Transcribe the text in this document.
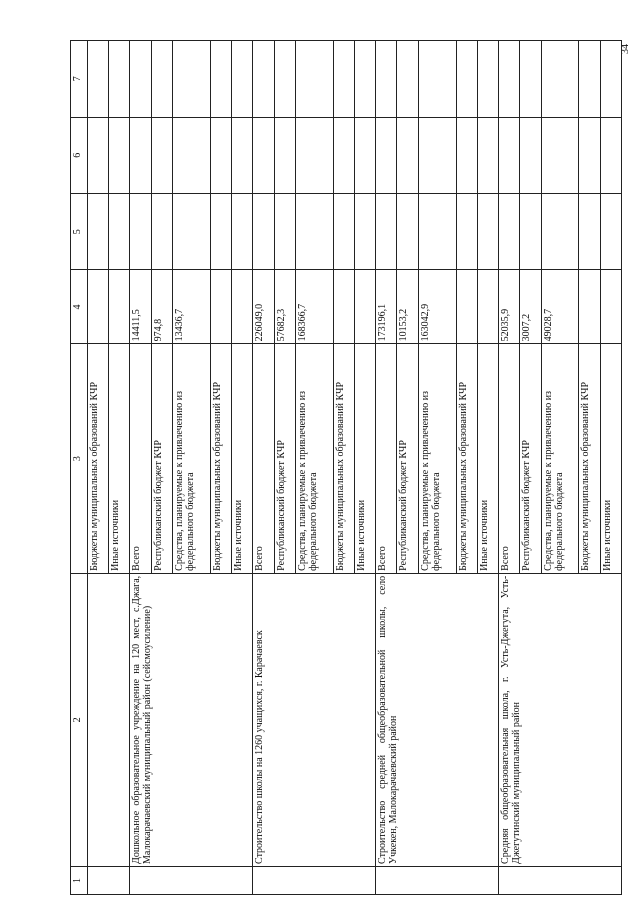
34
1	2	3	4	5	6	7
		Бюджеты муниципальных образований КЧР				
		Иные источники				
	Дошкольное образовательное учреждение на 120 мест, с.Джага, Малокарачаевский муниципальный район (сейсмоусиление)	Всего	14411,5			
		Республиканский бюджет КЧР	974,8			
		Средства, планируемые к привлечению из федерального бюджета	13436,7			
		Бюджеты муниципальных образований КЧР				
		Иные источники				
	Строительство школы на 1260 учащихся, г. Карачаевск	Всего	226049,0			
		Республиканский бюджет КЧР	57682,3			
		Средства, планируемые к привлечению из федерального бюджета	168366,7			
		Бюджеты муниципальных образований КЧР				
		Иные источники				
	Строительство средней общеобразовательной школы, село Учкекен, Малокарачаевский район	Всего	173196,1			
		Республиканский бюджет КЧР	10153,2			
		Средства, планируемые к привлечению из федерального бюджета	163042,9			
		Бюджеты муниципальных образований КЧР				
		Иные источники				
	Средняя общеобразовательная школа, г. Усть-Джегута, Усть-Джегутинский муниципальный район	Всего	52035,9			
		Республиканский бюджет КЧР	3007,2			
		Средства, планируемые к привлечению из федерального бюджета	49028,7			
		Бюджеты муниципальных образований КЧР				
		Иные источники				
